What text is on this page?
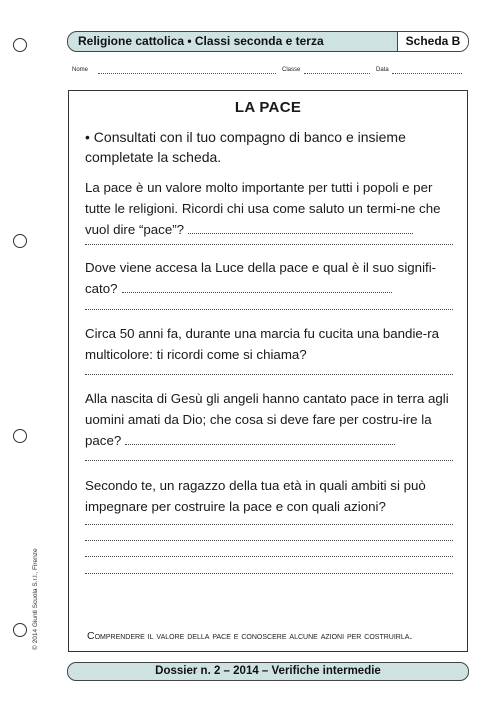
Religione cattolica • Classi seconda e terza	Scheda B
Nome	Classe	Data
LA PACE
• Consultati con il tuo compagno di banco e insieme completate la scheda.
La pace è un valore molto importante per tutti i popoli e per tutte le religioni. Ricordi chi usa come saluto un termi-ne che vuol dire “pace”?
Dove viene accesa la Luce della pace e qual è il suo signifi-cato?
Circa 50 anni fa, durante una marcia fu cucita una bandie-ra multicolore: ti ricordi come si chiama?
Alla nascita di Gesù gli angeli hanno cantato pace in terra agli uomini amati da Dio; che cosa si deve fare per costru-ire la pace?
Secondo te, un ragazzo della tua età in quali ambiti si può impegnare per costruire la pace e con quali azioni?
Comprendere il valore della pace e conoscere alcune azioni per costruirla.
Dossier n. 2 – 2014 – Verifiche intermedie
© 2014 Giunti Scuola S.r.l., Firenze
